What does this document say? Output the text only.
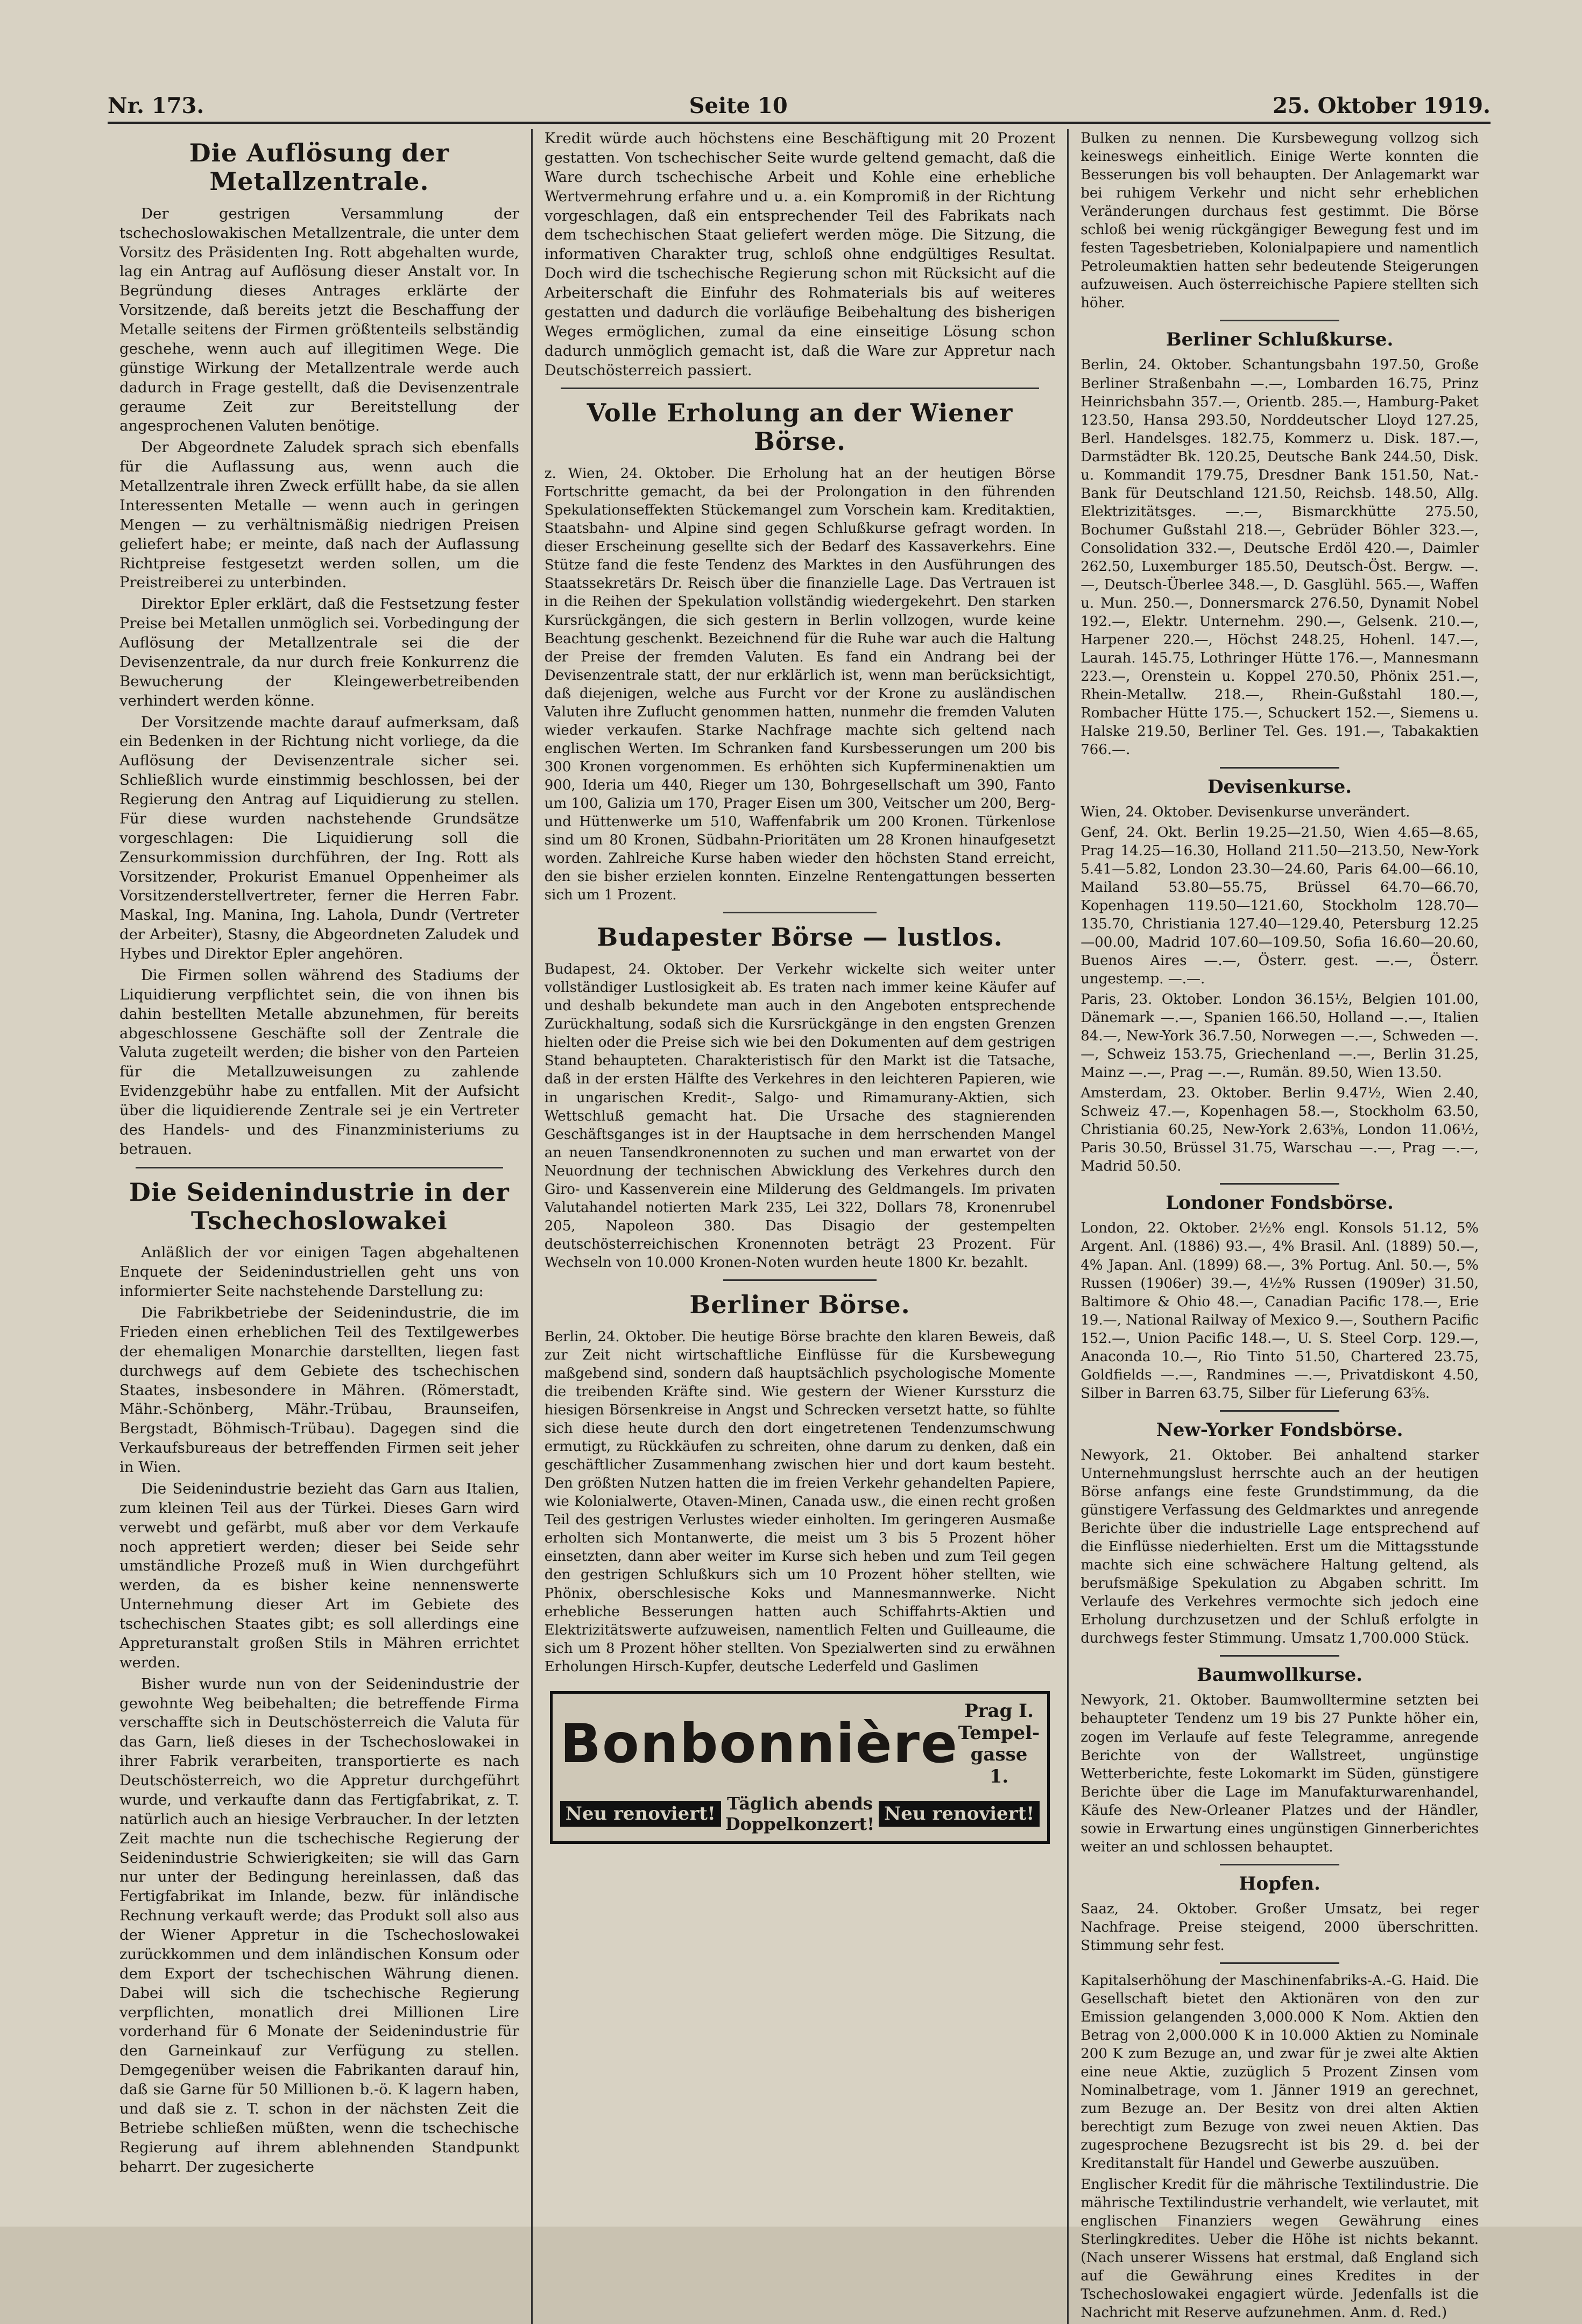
Nr. 173.	Seite 10	25. Oktober 1919.
Die Auflösung der Metallzentrale.

Der gestrigen Versammlung der tschechoslowakischen Metallzentrale, die unter dem Vorsitz des Präsidenten Ing. Rott abgehalten wurde, lag ein Antrag auf Auflösung dieser Anstalt vor. In Begründung dieses Antrages erklärte der Vorsitzende, daß bereits jetzt die Beschaffung der Metalle seitens der Firmen größtenteils selbständig geschehe, wenn auch auf illegitimen Wege. Die günstige Wirkung der Metallzentrale werde auch dadurch in Frage gestellt, daß die Devisenzentrale geraume Zeit zur Bereitstellung der angesprochenen Valuten benötige.

Der Abgeordnete Zaludek sprach sich ebenfalls für die Auflassung aus, wenn auch die Metallzentrale ihren Zweck erfüllt habe, da sie allen Interessenten Metalle — wenn auch in geringen Mengen — zu verhältnismäßig niedrigen Preisen geliefert habe; er meinte, daß nach der Auflassung Richtpreise festgesetzt werden sollen, um die Preistreiberei zu unterbinden.

Direktor Epler erklärt, daß die Festsetzung fester Preise bei Metallen unmöglich sei. Vorbedingung der Auflösung der Metallzentrale sei die der Devisenzentrale, da nur durch freie Konkurrenz die Bewucherung der Kleingewerbetreibenden verhindert werden könne.

Der Vorsitzende machte darauf aufmerksam, daß ein Bedenken in der Richtung nicht vorliege, da die Auflösung der Devisenzentrale sicher sei. Schließlich wurde einstimmig beschlossen, bei der Regierung den Antrag auf Liquidierung zu stellen. Für diese wurden nachstehende Grundsätze vorgeschlagen: Die Liquidierung soll die Zensurkommission durchführen, der Ing. Rott als Vorsitzender, Prokurist Emanuel Oppenheimer als Vorsitzenderstellvertreter, ferner die Herren Fabr. Maskal, Ing. Manina, Ing. Lahola, Dundr (Vertreter der Arbeiter), Stasny, die Abgeordneten Zaludek und Hybes und Direktor Epler angehören.

Die Firmen sollen während des Stadiums der Liquidierung verpflichtet sein, die von ihnen bis dahin bestellten Metalle abzunehmen, für bereits abgeschlossene Geschäfte soll der Zentrale die Valuta zugeteilt werden; die bisher von den Parteien für die Metallzuweisungen zu zahlende Evidenzgebühr habe zu entfallen. Mit der Aufsicht über die liquidierende Zentrale sei je ein Vertreter des Handels- und des Finanzministeriums zu betrauen.

Die Seidenindustrie in der Tschechoslowakei

Anläßlich der vor einigen Tagen abgehaltenen Enquete der Seidenindustriellen geht uns von informierter Seite nachstehende Darstellung zu:

Die Fabrikbetriebe der Seidenindustrie, die im Frieden einen erheblichen Teil des Textilgewerbes der ehemaligen Monarchie darstellten, liegen fast durchwegs auf dem Gebiete des tschechischen Staates, insbesondere in Mähren. (Römerstadt, Mähr.-Schönberg, Mähr.-Trübau, Braunseifen, Bergstadt, Böhmisch-Trübau). Dagegen sind die Verkaufsbureaus der betreffenden Firmen seit jeher in Wien.

Die Seidenindustrie bezieht das Garn aus Italien, zum kleinen Teil aus der Türkei. Dieses Garn wird verwebt und gefärbt, muß aber vor dem Verkaufe noch appretiert werden; dieser bei Seide sehr umständliche Prozeß muß in Wien durchgeführt werden, da es bisher keine nennenswerte Unternehmung dieser Art im Gebiete des tschechischen Staates gibt; es soll allerdings eine Appreturanstalt großen Stils in Mähren errichtet werden.

Bisher wurde nun von der Seidenindustrie der gewohnte Weg beibehalten; die betreffende Firma verschaffte sich in Deutschösterreich die Valuta für das Garn, ließ dieses in der Tschechoslowakei in ihrer Fabrik verarbeiten, transportierte es nach Deutschösterreich, wo die Appretur durchgeführt wurde, und verkaufte dann das Fertigfabrikat, z. T. natürlich auch an hiesige Verbraucher. In der letzten Zeit machte nun die tschechische Regierung der Seidenindustrie Schwierigkeiten; sie will das Garn nur unter der Bedingung hereinlassen, daß das Fertigfabrikat im Inlande, bezw. für inländische Rechnung verkauft werde; das Produkt soll also aus der Wiener Appretur in die Tschechoslowakei zurückkommen und dem inländischen Konsum oder dem Export der tschechischen Währung dienen. Dabei will sich die tschechische Regierung verpflichten, monatlich drei Millionen Lire vorderhand für 6 Monate der Seidenindustrie für den Garneinkauf zur Verfügung zu stellen. Demgegenüber weisen die Fabrikanten darauf hin, daß sie Garne für 50 Millionen b.-ö. K lagern haben, und daß sie z. T. schon in der nächsten Zeit die Betriebe schließen müßten, wenn die tschechische Regierung auf ihrem ablehnenden Standpunkt beharrt. Der zugesicherte

Kredit würde auch höchstens eine Beschäftigung mit 20 Prozent gestatten. Von tschechischer Seite wurde geltend gemacht, daß die Ware durch tschechische Arbeit und Kohle eine erhebliche Wertvermehrung erfahre und u. a. ein Kompromiß in der Richtung vorgeschlagen, daß ein entsprechender Teil des Fabrikats nach dem tschechischen Staat geliefert werden möge. Die Sitzung, die informativen Charakter trug, schloß ohne endgültiges Resultat. Doch wird die tschechische Regierung schon mit Rücksicht auf die Arbeiterschaft die Einfuhr des Rohmaterials bis auf weiteres gestatten und dadurch die vorläufige Beibehaltung des bisherigen Weges ermöglichen, zumal da eine einseitige Lösung schon dadurch unmöglich gemacht ist, daß die Ware zur Appretur nach Deutschösterreich passiert.

Volle Erholung an der Wiener Börse.

z. Wien, 24. Oktober. Die Erholung hat an der heutigen Börse Fortschritte gemacht, da bei der Prolongation in den führenden Spekulationseffekten Stückemangel zum Vorschein kam. Kreditaktien, Staatsbahn- und Alpine sind gegen Schlußkurse gefragt worden. In dieser Erscheinung gesellte sich der Bedarf des Kassaverkehrs. Eine Stütze fand die feste Tendenz des Marktes in den Ausführungen des Staatssekretärs Dr. Reisch über die finanzielle Lage. Das Vertrauen ist in die Reihen der Spekulation vollständig wiedergekehrt. Den starken Kursrückgängen, die sich gestern in Berlin vollzogen, wurde keine Beachtung geschenkt. Bezeichnend für die Ruhe war auch die Haltung der Preise der fremden Valuten. Es fand ein Andrang bei der Devisenzentrale statt, der nur erklärlich ist, wenn man berücksichtigt, daß diejenigen, welche aus Furcht vor der Krone zu ausländischen Valuten ihre Zuflucht genommen hatten, nunmehr die fremden Valuten wieder verkaufen. Starke Nachfrage machte sich geltend nach englischen Werten. Im Schranken fand Kursbesserungen um 200 bis 300 Kronen vorgenommen. Es erhöhten sich Kupferminenaktien um 900, Ideria um 440, Rieger um 130, Bohrgesellschaft um 390, Fanto um 100, Galizia um 170, Prager Eisen um 300, Veitscher um 200, Berg- und Hüttenwerke um 510, Waffenfabrik um 200 Kronen. Türkenlose sind um 80 Kronen, Südbahn-Prioritäten um 28 Kronen hinaufgesetzt worden. Zahlreiche Kurse haben wieder den höchsten Stand erreicht, den sie bisher erzielen konnten. Einzelne Rentengattungen besserten sich um 1 Prozent.

Budapester Börse — lustlos.

Budapest, 24. Oktober. Der Verkehr wickelte sich weiter unter vollständiger Lustlosigkeit ab. Es traten nach immer keine Käufer auf und deshalb bekundete man auch in den Angeboten entsprechende Zurückhaltung, sodaß sich die Kursrückgänge in den engsten Grenzen hielten oder die Preise sich wie bei den Dokumenten auf dem gestrigen Stand behaupteten. Charakteristisch für den Markt ist die Tatsache, daß in der ersten Hälfte des Verkehres in den leichteren Papieren, wie in ungarischen Kredit-, Salgo- und Rimamurany-Aktien, sich Wettschluß gemacht hat. Die Ursache des stagnierenden Geschäftsganges ist in der Hauptsache in dem herrschenden Mangel an neuen Tansendkronennoten zu suchen und man erwartet von der Neuordnung der technischen Abwicklung des Verkehres durch den Giro- und Kassenverein eine Milderung des Geldmangels. Im privaten Valutahandel notierten Mark 235, Lei 322, Dollars 78, Kronenrubel 205, Napoleon 380. Das Disagio der gestempelten deutschösterreichischen Kronennoten beträgt 23 Prozent. Für Wechseln von 10.000 Kronen-Noten wurden heute 1800 Kr. bezahlt.

Berliner Börse.

Berlin, 24. Oktober. Die heutige Börse brachte den klaren Beweis, daß zur Zeit nicht wirtschaftliche Einflüsse für die Kursbewegung maßgebend sind, sondern daß hauptsächlich psychologische Momente die treibenden Kräfte sind. Wie gestern der Wiener Kurssturz die hiesigen Börsenkreise in Angst und Schrecken versetzt hatte, so fühlte sich diese heute durch den dort eingetretenen Tendenzumschwung ermutigt, zu Rückkäufen zu schreiten, ohne darum zu denken, daß ein geschäftlicher Zusammenhang zwischen hier und dort kaum besteht. Den größten Nutzen hatten die im freien Verkehr gehandelten Papiere, wie Kolonialwerte, Otaven-Minen, Canada usw., die einen recht großen Teil des gestrigen Verlustes wieder einholten. Im geringeren Ausmaße erholten sich Montanwerte, die meist um 3 bis 5 Prozent höher einsetzten, dann aber weiter im Kurse sich heben und zum Teil gegen den gestrigen Schlußkurs sich um 10 Prozent höher stellten, wie Phönix, oberschlesische Koks und Mannesmannwerke. Nicht erhebliche Besserungen hatten auch Schiffahrts-Aktien und Elektrizitätswerte aufzuweisen, namentlich Felten und Guilleaume, die sich um 8 Prozent höher stellten. Von Spezialwerten sind zu erwähnen Erholungen Hirsch-Kupfer, deutsche Lederfeld und Gaslimen

Bonbonnière
Prag I.
Tempel-
gasse 1.
Neu renoviert! Täglich abends
Doppelkonzert! Neu renoviert!

Bulken zu nennen. Die Kursbewegung vollzog sich keineswegs einheitlich. Einige Werte konnten die Besserungen bis voll behaupten. Der Anlagemarkt war bei ruhigem Verkehr und nicht sehr erheblichen Veränderungen durchaus fest gestimmt. Die Börse schloß bei wenig rückgängiger Bewegung fest und im festen Tagesbetrieben, Kolonialpapiere und namentlich Petroleumaktien hatten sehr bedeutende Steigerungen aufzuweisen. Auch österreichische Papiere stellten sich höher.

Berliner Schlußkurse.

Berlin, 24. Oktober. Schantungsbahn 197.50, Große Berliner Straßenbahn —.—, Lombarden 16.75, Prinz Heinrichsbahn 357.—, Orientb. 285.—, Hamburg-Paket 123.50, Hansa 293.50, Norddeutscher Lloyd 127.25, Berl. Handelsges. 182.75, Kommerz u. Disk. 187.—, Darmstädter Bk. 120.25, Deutsche Bank 244.50, Disk. u. Kommandit 179.75, Dresdner Bank 151.50, Nat.-Bank für Deutschland 121.50, Reichsb. 148.50, Allg. Elektrizitätsges. —.—, Bismarckhütte 275.50, Bochumer Gußstahl 218.—, Gebrüder Böhler 323.—, Consolidation 332.—, Deutsche Erdöl 420.—, Daimler 262.50, Luxemburger 185.50, Deutsch-Öst. Bergw. —.—, Deutsch-Überlee 348.—, D. Gasglühl. 565.—, Waffen u. Mun. 250.—, Donnersmarck 276.50, Dynamit Nobel 192.—, Elektr. Unternehm. 290.—, Gelsenk. 210.—, Harpener 220.—, Höchst 248.25, Hohenl. 147.—, Laurah. 145.75, Lothringer Hütte 176.—, Mannesmann 223.—, Orenstein u. Koppel 270.50, Phönix 251.—, Rhein-Metallw. 218.—, Rhein-Gußstahl 180.—, Rombacher Hütte 175.—, Schuckert 152.—, Siemens u. Halske 219.50, Berliner Tel. Ges. 191.—, Tabakaktien 766.—.

Devisenkurse.

Wien, 24. Oktober. Devisenkurse unverändert.

Genf, 24. Okt. Berlin 19.25—21.50, Wien 4.65—8.65, Prag 14.25—16.30, Holland 211.50—213.50, New-York 5.41—5.82, London 23.30—24.60, Paris 64.00—66.10, Mailand 53.80—55.75, Brüssel 64.70—66.70, Kopenhagen 119.50—121.60, Stockholm 128.70—135.70, Christiania 127.40—129.40, Petersburg 12.25—00.00, Madrid 107.60—109.50, Sofia 16.60—20.60, Buenos Aires —.—, Österr. gest. —.—, Österr. ungestemp. —.—.

Paris, 23. Oktober. London 36.15½, Belgien 101.00, Dänemark —.—, Spanien 166.50, Holland —.—, Italien 84.—, New-York 36.7.50, Norwegen —.—, Schweden —.—, Schweiz 153.75, Griechenland —.—, Berlin 31.25, Mainz —.—, Prag —.—, Rumän. 89.50, Wien 13.50.

Amsterdam, 23. Oktober. Berlin 9.47½, Wien 2.40, Schweiz 47.—, Kopenhagen 58.—, Stockholm 63.50, Christiania 60.25, New-York 2.63⅝, London 11.06½, Paris 30.50, Brüssel 31.75, Warschau —.—, Prag —.—, Madrid 50.50.

Londoner Fondsbörse.

London, 22. Oktober. 2½% engl. Konsols 51.12, 5% Argent. Anl. (1886) 93.—, 4% Brasil. Anl. (1889) 50.—, 4% Japan. Anl. (1899) 68.—, 3% Portug. Anl. 50.—, 5% Russen (1906er) 39.—, 4½% Russen (1909er) 31.50, Baltimore & Ohio 48.—, Canadian Pacific 178.—, Erie 19.—, National Railway of Mexico 9.—, Southern Pacific 152.—, Union Pacific 148.—, U. S. Steel Corp. 129.—, Anaconda 10.—, Rio Tinto 51.50, Chartered 23.75, Goldfields —.—, Randmines —.—, Privatdiskont 4.50, Silber in Barren 63.75, Silber für Lieferung 63⅝.

New-Yorker Fondsbörse.

Newyork, 21. Oktober. Bei anhaltend starker Unternehmungslust herrschte auch an der heutigen Börse anfangs eine feste Grundstimmung, da die günstigere Verfassung des Geldmarktes und anregende Berichte über die industrielle Lage entsprechend auf die Einflüsse niederhielten. Erst um die Mittagsstunde machte sich eine schwächere Haltung geltend, als berufsmäßige Spekulation zu Abgaben schritt. Im Verlaufe des Verkehres vermochte sich jedoch eine Erholung durchzusetzen und der Schluß erfolgte in durchwegs fester Stimmung. Umsatz 1,700.000 Stück.

Baumwollkurse.

Newyork, 21. Oktober. Baumwolltermine setzten bei behaupteter Tendenz um 19 bis 27 Punkte höher ein, zogen im Verlaufe auf feste Telegramme, anregende Berichte von der Wallstreet, ungünstige Wetterberichte, feste Lokomarkt im Süden, günstigere Berichte über die Lage im Manufakturwarenhandel, Käufe des New-Orleaner Platzes und der Händler, sowie in Erwartung eines ungünstigen Ginnerberichtes weiter an und schlossen behauptet.

Hopfen.

Saaz, 24. Oktober. Großer Umsatz, bei reger Nachfrage. Preise steigend, 2000 überschritten. Stimmung sehr fest.

Kapitalserhöhung der Maschinenfabriks-A.-G. Haid. Die Gesellschaft bietet den Aktionären von den zur Emission gelangenden 3,000.000 K Nom. Aktien den Betrag von 2,000.000 K in 10.000 Aktien zu Nominale 200 K zum Bezuge an, und zwar für je zwei alte Aktien eine neue Aktie, zuzüglich 5 Prozent Zinsen vom Nominalbetrage, vom 1. Jänner 1919 an gerechnet, zum Bezuge an. Der Besitz von drei alten Aktien berechtigt zum Bezuge von zwei neuen Aktien. Das zugesprochene Bezugsrecht ist bis 29. d. bei der Kreditanstalt für Handel und Gewerbe auszuüben.

Englischer Kredit für die mährische Textilindustrie. Die mährische Textilindustrie verhandelt, wie verlautet, mit englischen Finanziers wegen Gewährung eines Sterlingkredites. Ueber die Höhe ist nichts bekannt. (Nach unserer Wissens hat erstmal, daß England sich auf die Gewährung eines Kredites in der Tschechoslowakei engagiert würde. Jedenfalls ist die Nachricht mit Reserve aufzunehmen. Anm. d. Red.)
